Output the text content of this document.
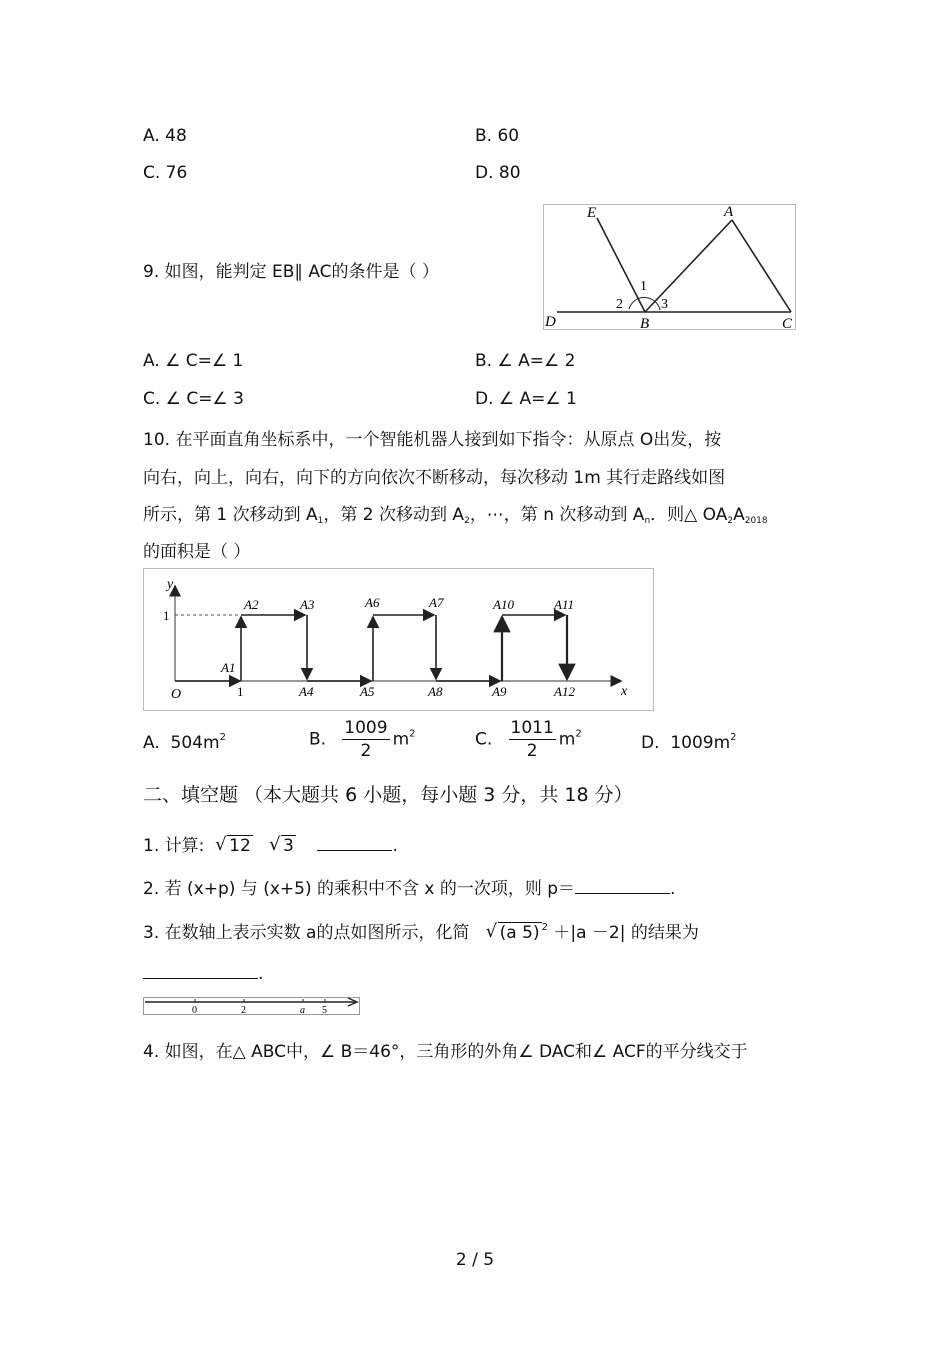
A. 48	B. 60
C. 76	D. 80
9. 如图，能判定 EB∥ AC的条件是（ ）
E	A
D	B	C
1
2	3
A. ∠ C=∠ 1	B. ∠ A=∠ 2
C. ∠ C=∠ 3	D. ∠ A=∠ 1
10. 在平面直角坐标系中，一个智能机器人接到如下指令：从原点 O出发，按
向右，向上，向右，向下的方向依次不断移动，每次移动 1m 其行走路线如图
所示，第 1 次移动到 $A_1$，第 2 次移动到 $A_2$，⋯，第 n 次移动到 $A_n$．则△ $OA_2A_{2018}$
的面积是（ ）
y
x
O
1
1
A1
A2	A3
A4	A5
A6	A7
A8	A9
A10	A11
A12
A. $504m^2$	B. $\frac{1009}{2} m^2$	C. $\frac{1011}{2} m^2$	D. $1009m^2$
二、填空题 （本大题共 6 小题，每小题 3 分，共 18 分）
1. 计算: √ 12 √ 3	.
2. 若 (x+p) 与 (x+5) 的乘积中不含 x 的一次项，则 p＝	.
3. 在数轴上表示实数 a的点如图所示，化简 √ (a 5) $^2$ ＋|a －2| 的结果为
.
0	2	a 5
4. 如图，在△ ABC中，∠ B＝46°，三角形的外角∠ DAC和∠ ACF的平分线交于
2 / 5
